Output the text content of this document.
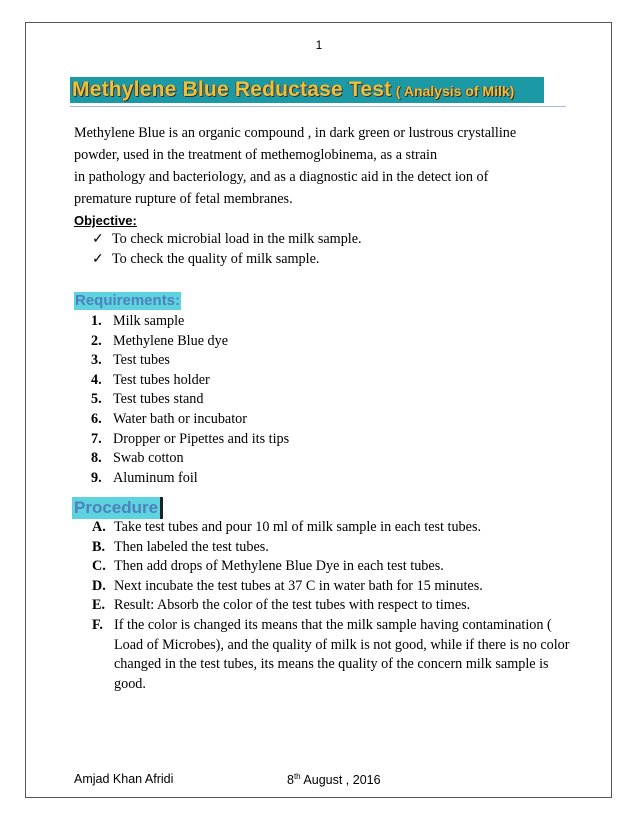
1
Methylene Blue Reductase Test ( Analysis of Milk)

Methylene Blue is an organic compound , in dark green or lustrous crystalline

powder, used in the treatment of methemoglobinema, as a strain

in pathology and bacteriology, and as a diagnostic aid in the detect ion of

premature rupture of fetal membranes.

Objective:
✓ To check microbial load in the milk sample.
✓ To check the quality of milk sample.
Requirements:
1. Milk sample
2. Methylene Blue dye
3. Test tubes
4. Test tubes holder
5. Test tubes stand
6. Water bath or incubator
7. Dropper or Pipettes and its tips
8. Swab cotton
9. Aluminum foil
Procedure
A. Take test tubes and pour 10 ml of milk sample in each test tubes.
B. Then labeled the test tubes.
C. Then add drops of Methylene Blue Dye in each test tubes.
D. Next incubate the test tubes at 37 C in water bath for 15 minutes.
E. Result: Absorb the color of the test tubes with respect to times.
F. If the color is changed its means that the milk sample having contamination ( Load of Microbes), and the quality of milk is not good, while if there is no color changed in the test tubes, its means the quality of the concern milk sample is good.
Amjad Khan Afridi	8th August , 2016
